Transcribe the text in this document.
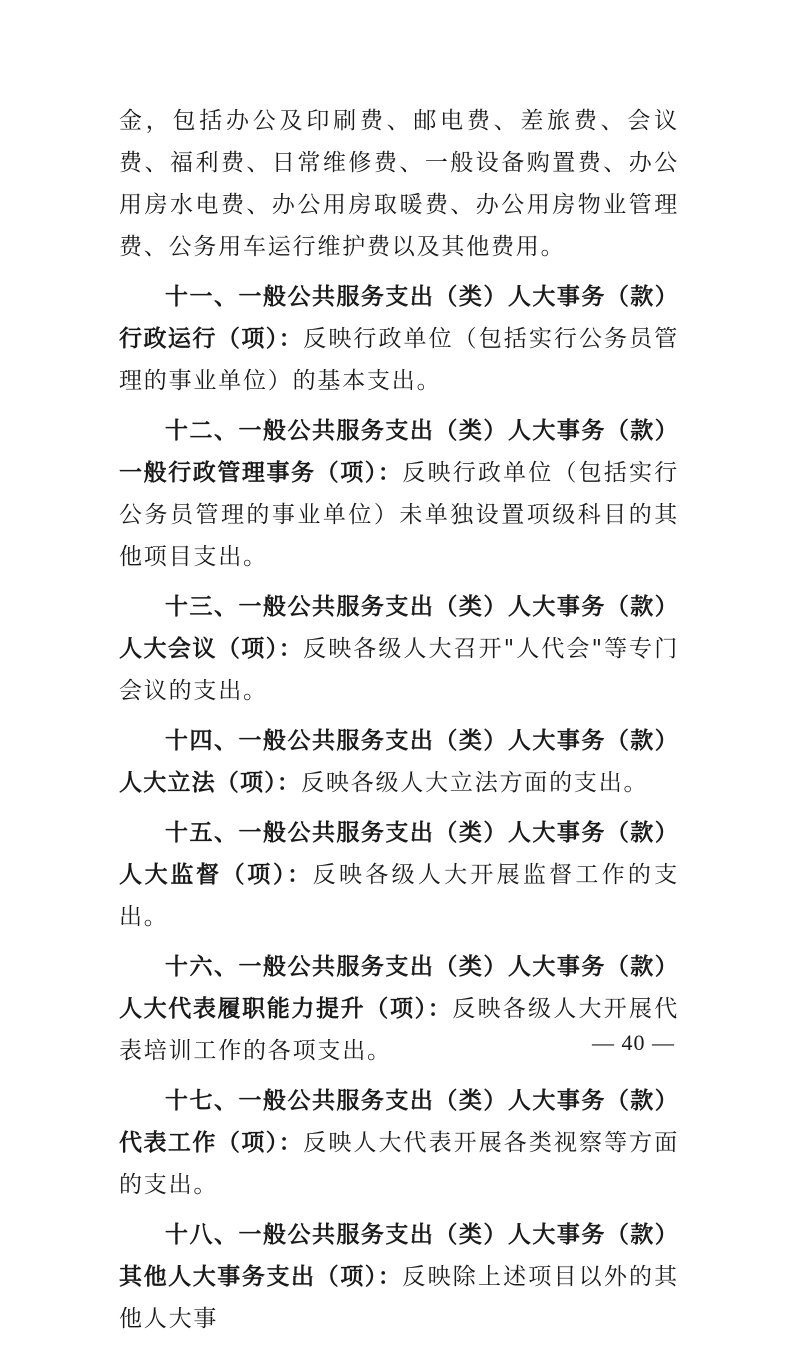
金，包括办公及印刷费、邮电费、差旅费、会议费、福利费、日常维修费、一般设备购置费、办公用房水电费、办公用房取暖费、办公用房物业管理费、公务用车运行维护费以及其他费用。

十一、一般公共服务支出（类）人大事务（款）行政运行（项）：反映行政单位（包括实行公务员管理的事业单位）的基本支出。

十二、一般公共服务支出（类）人大事务（款）一般行政管理事务（项）：反映行政单位（包括实行公务员管理的事业单位）未单独设置项级科目的其他项目支出。

十三、一般公共服务支出（类）人大事务（款）人大会议（项）：反映各级人大召开"人代会"等专门会议的支出。

十四、一般公共服务支出（类）人大事务（款）人大立法（项）：反映各级人大立法方面的支出。

十五、一般公共服务支出（类）人大事务（款）人大监督（项）：反映各级人大开展监督工作的支出。

十六、一般公共服务支出（类）人大事务（款）人大代表履职能力提升（项）：反映各级人大开展代表培训工作的各项支出。

十七、一般公共服务支出（类）人大事务（款）代表工作（项）：反映人大代表开展各类视察等方面的支出。

十八、一般公共服务支出（类）人大事务（款）其他人大事务支出（项）：反映除上述项目以外的其他人大事

— 40 —
